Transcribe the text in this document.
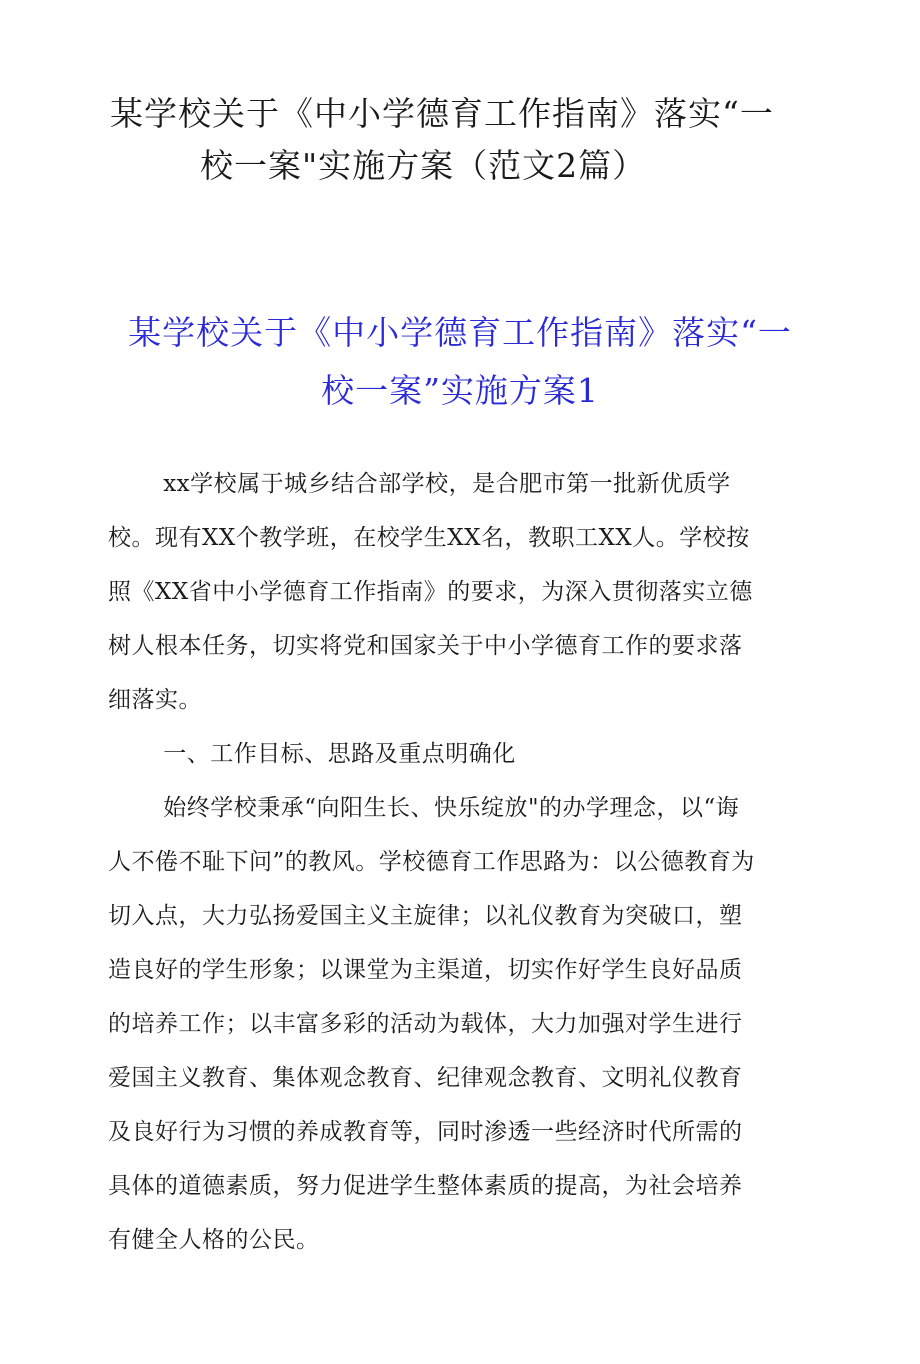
某学校关于《中小学德育工作指南》落实“一
校一案"实施方案（范文2篇）
某学校关于《中小学德育工作指南》落实“一
校一案”实施方案1

xx学校属于城乡结合部学校，是合肥市第一批新优质学校。现有XX个教学班，在校学生XX名，教职工XX人。学校按照《XX省中小学德育工作指南》的要求，为深入贯彻落实立德树人根本任务，切实将党和国家关于中小学德育工作的要求落细落实。

一、工作目标、思路及重点明确化

始终学校秉承“向阳生长、快乐绽放"的办学理念，以“诲人不倦不耻下问”的教风。学校德育工作思路为：以公德教育为切入点，大力弘扬爱国主义主旋律；以礼仪教育为突破口，塑造良好的学生形象；以课堂为主渠道，切实作好学生良好品质的培养工作；以丰富多彩的活动为载体，大力加强对学生进行爱国主义教育、集体观念教育、纪律观念教育、文明礼仪教育及良好行为习惯的养成教育等，同时渗透一些经济时代所需的具体的道德素质，努力促进学生整体素质的提高，为社会培养有健全人格的公民。
